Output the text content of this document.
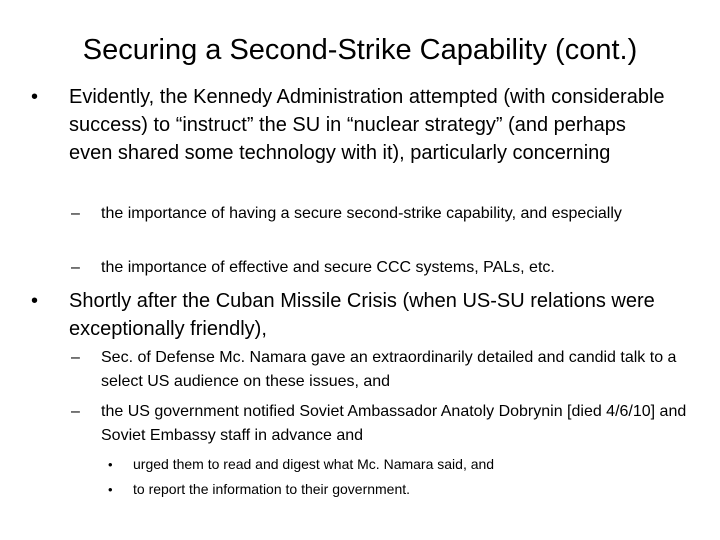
Securing a Second-Strike Capability (cont.)
• Evidently, the Kennedy Administration attempted (with considerable success) to “instruct” the SU in “nuclear strategy” (and perhaps even shared some technology with it), particularly concerning
– the importance of having a secure second-strike capability, and especially
– the importance of effective and secure CCC systems, PALs, etc.
• Shortly after the Cuban Missile Crisis (when US-SU relations were exceptionally friendly),
– Sec. of Defense Mc. Namara gave an extraordinarily detailed and candid talk to a select US audience on these issues, and
– the US government notified Soviet Ambassador Anatoly Dobrynin [died 4/6/10] and Soviet Embassy staff in advance and
• urged them to read and digest what Mc. Namara said, and
• to report the information to their government.
